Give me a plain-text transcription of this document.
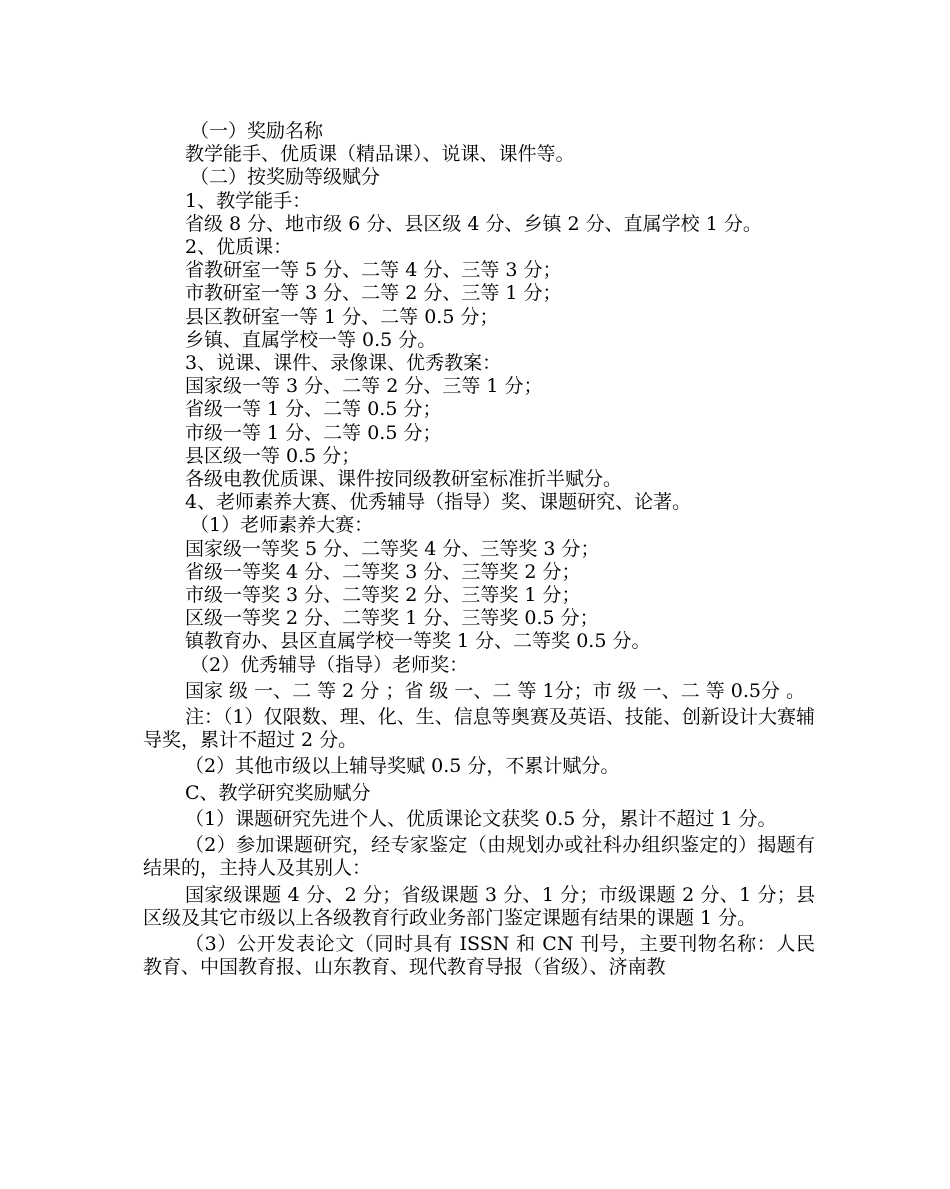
（一）奖励名称
教学能手、优质课（精品课）、说课、课件等。
（二）按奖励等级赋分
1、教学能手：
省级 8 分、地市级 6 分、县区级 4 分、乡镇 2 分、直属学校 1 分。
2、优质课：
省教研室一等 5 分、二等 4 分、三等 3 分；
市教研室一等 3 分、二等 2 分、三等 1 分；
县区教研室一等 1 分、二等 0.5 分；
乡镇、直属学校一等 0.5 分。
3、说课、课件、录像课、优秀教案：
国家级一等 3 分、二等 2 分、三等 1 分；
省级一等 1 分、二等 0.5 分；
市级一等 1 分、二等 0.5 分；
县区级一等 0.5 分；
各级电教优质课、课件按同级教研室标准折半赋分。
4、老师素养大赛、优秀辅导（指导）奖、课题研究、论著。
（1）老师素养大赛：
国家级一等奖 5 分、二等奖 4 分、三等奖 3 分；
省级一等奖 4 分、二等奖 3 分、三等奖 2 分；
市级一等奖 3 分、二等奖 2 分、三等奖 1 分；
区级一等奖 2 分、二等奖 1 分、三等奖 0.5 分；
镇教育办、县区直属学校一等奖 1 分、二等奖 0.5 分。
（2）优秀辅导（指导）老师奖：
国家 级 一、二 等 2 分 ；省 级 一、二 等 1分；市 级 一、二 等 0.5分 。
注：（1）仅限数、理、化、生、信息等奥赛及英语、技能、创新设计大赛辅导奖，累计不超过 2 分。
（2）其他市级以上辅导奖赋 0.5 分，不累计赋分。
C、教学研究奖励赋分
（1）课题研究先进个人、优质课论文获奖 0.5 分，累计不超过 1 分。
（2）参加课题研究，经专家鉴定（由规划办或社科办组织鉴定的）揭题有结果的，主持人及其别人：
国家级课题 4 分、2 分；省级课题 3 分、1 分；市级课题 2 分、1 分；县区级及其它市级以上各级教育行政业务部门鉴定课题有结果的课题 1 分。
（3）公开发表论文（同时具有 ISSN 和 CN 刊号，主要刊物名称：人民教育、中国教育报、山东教育、现代教育导报（省级）、济南教
